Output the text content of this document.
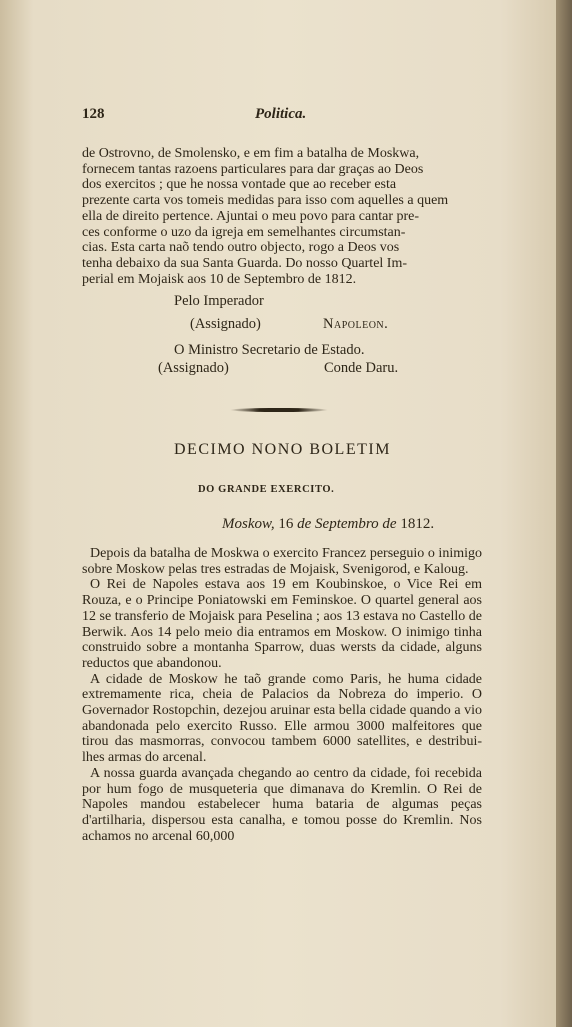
128	Politica.

de Ostrovno, de Smolensko, e em fim a batalha de Moskwa,

fornecem tantas razoens particulares para dar graças ao Deos

dos exercitos ; que he nossa vontade que ao receber esta

prezente carta vos tomeis medidas para isso com aquelles a quem

ella de direito pertence. Ajuntai o meu povo para cantar pre-

ces conforme o uzo da igreja em semelhantes circumstan-

cias. Esta carta naõ tendo outro objecto, rogo a Deos vos

tenha debaixo da sua Santa Guarda. Do nosso Quartel Im-

perial em Mojaisk aos 10 de Septembro de 1812.

Pelo Imperador
(Assignado)	Napoleon.
O Ministro Secretario de Estado.
(Assignado)	Conde Daru.
DECIMO NONO BOLETIM
DO GRANDE EXERCITO.
Moskow, 16 de Septembro de 1812.

Depois da batalha de Moskwa o exercito Francez perseguio o inimigo sobre Moskow pelas tres estradas de Mojaisk, Svenigorod, e Kaloug.

O Rei de Napoles estava aos 19 em Koubinskoe, o Vice Rei em Rouza, e o Principe Poniatowski em Feminskoe. O quartel general aos 12 se transferio de Mojaisk para Peselina ; aos 13 estava no Castello de Berwik. Aos 14 pelo meio dia entramos em Moskow. O inimigo tinha construido sobre a montanha Sparrow, duas wersts da cidade, alguns reductos que abandonou.

A cidade de Moskow he taõ grande como Paris, he huma cidade extremamente rica, cheia de Palacios da Nobreza do imperio. O Governador Rostopchin, dezejou aruinar esta bella cidade quando a vio abandonada pelo exercito Russo. Elle armou 3000 malfeitores que tirou das masmorras, convocou tambem 6000 satellites, e destribui-lhes armas do arcenal.

A nossa guarda avançada chegando ao centro da cidade, foi recebida por hum fogo de musqueteria que dimanava do Kremlin. O Rei de Napoles mandou estabelecer huma bataria de algumas peças d'artilharia, dispersou esta canalha, e tomou posse do Kremlin. Nos achamos no arcenal 60,000
